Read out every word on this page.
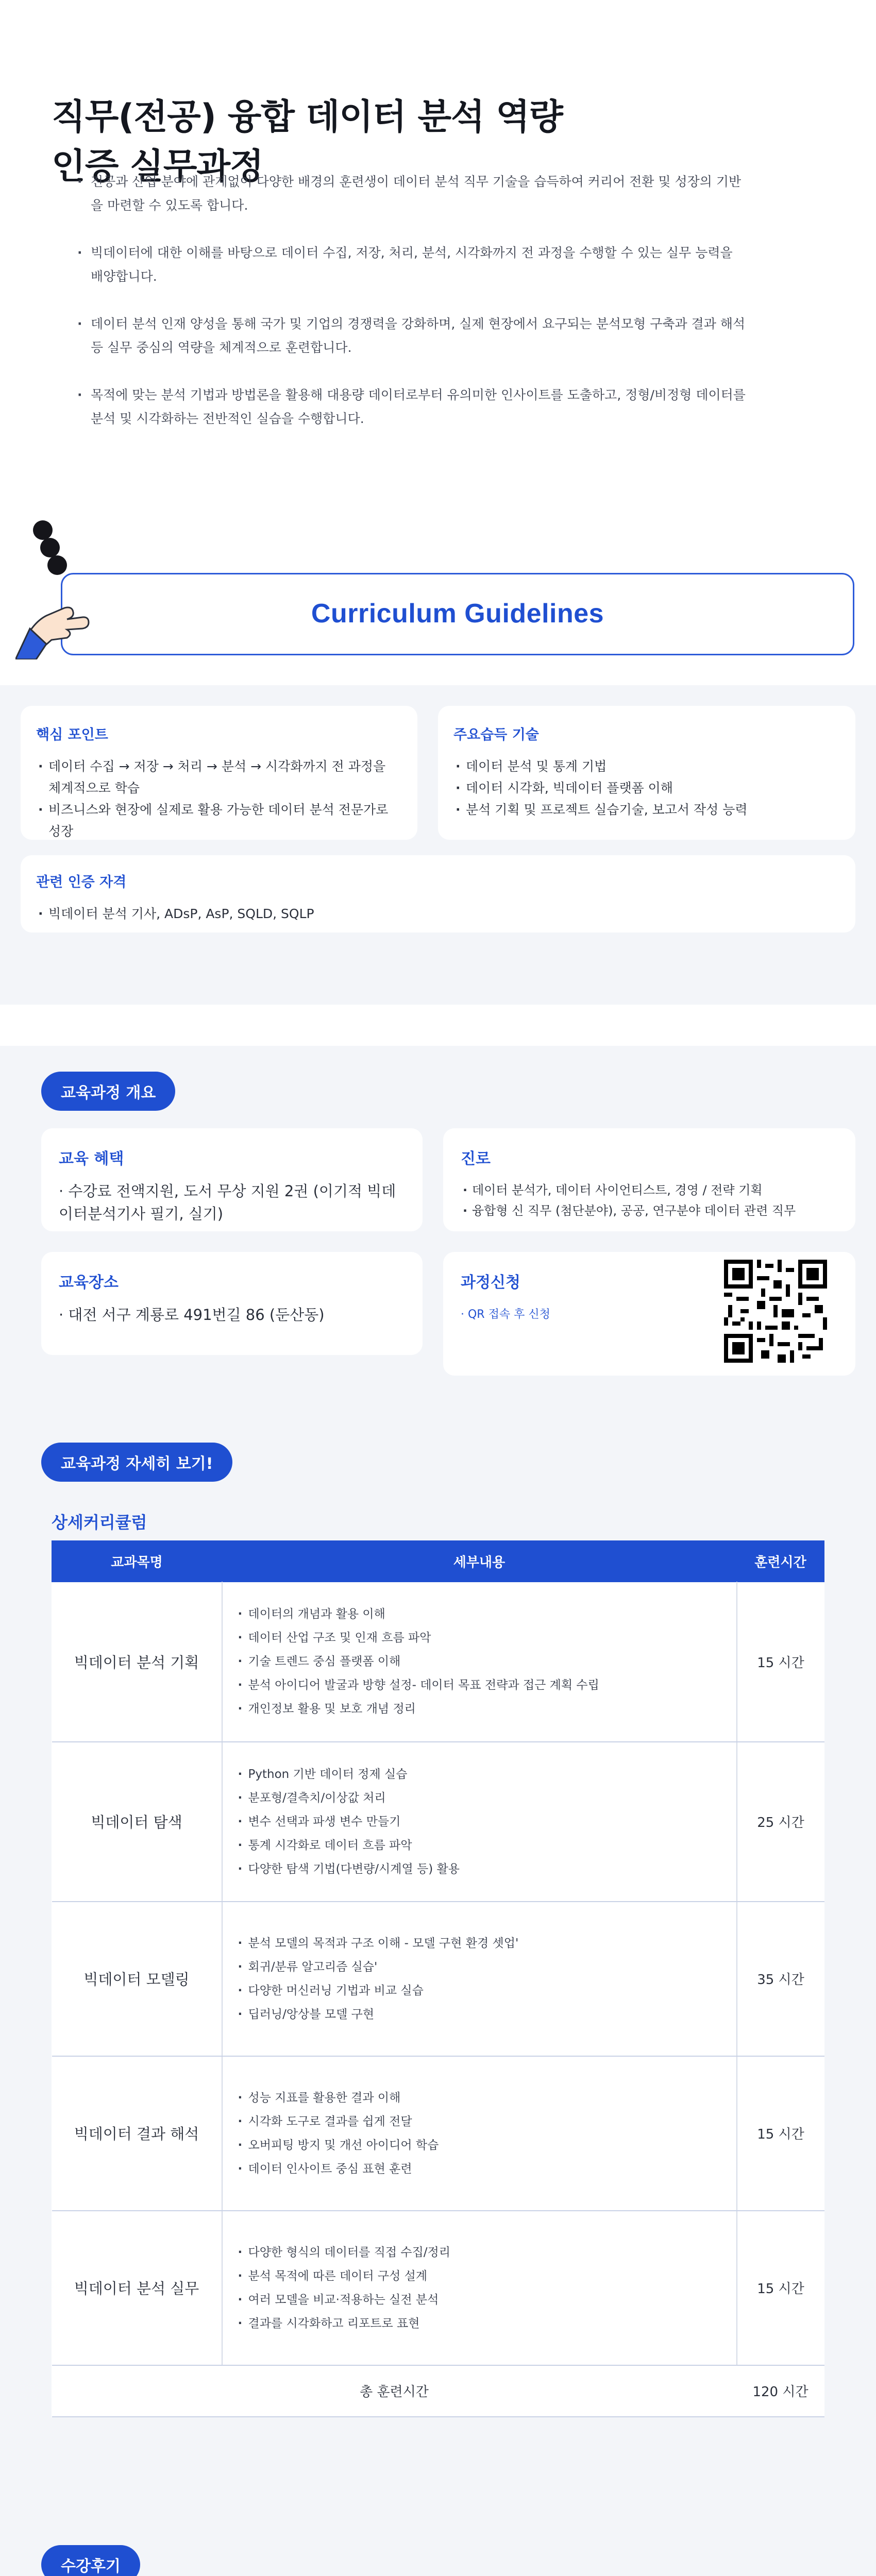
직무(전공) 융합 데이터 분석 역량
인증 실무과정
· 전공과 산업 분야에 관계없이 다양한 배경의 훈련생이 데이터 분석 직무 기술을 습득하여 커리어 전환 및 성장의 기반을 마련할 수 있도록 합니다.
· 빅데이터에 대한 이해를 바탕으로 데이터 수집, 저장, 처리, 분석, 시각화까지 전 과정을 수행할 수 있는 실무 능력을 배양합니다.
· 데이터 분석 인재 양성을 통해 국가 및 기업의 경쟁력을 강화하며, 실제 현장에서 요구되는 분석모형 구축과 결과 해석 등 실무 중심의 역량을 체계적으로 훈련합니다.
· 목적에 맞는 분석 기법과 방법론을 활용해 대용량 데이터로부터 유의미한 인사이트를 도출하고, 정형/비정형 데이터를 분석 및 시각화하는 전반적인 실습을 수행합니다.
Curriculum Guidelines
핵심 포인트
· 데이터 수집 → 저장 → 처리 → 분석 → 시각화까지 전 과정을 체계적으로 학습
· 비즈니스와 현장에 실제로 활용 가능한 데이터 분석 전문가로 성장
주요습득 기술
· 데이터 분석 및 통계 기법
· 데이터 시각화, 빅데이터 플랫폼 이해
· 분석 기획 및 프로젝트 실습기술, 보고서 작성 능력
관련 인증 자격
· 빅데이터 분석 기사, ADsP, AsP, SQLD, SQLP
교육과정 개요
교육 혜택

· 수강료 전액지원, 도서 무상 지원 2권 (이기적 빅데이터분석기사 필기, 실기)

진로
· 데이터 분석가, 데이터 사이언티스트, 경영 / 전략 기획
· 융합형 신 직무 (첨단분야), 공공, 연구분야 데이터 관련 직무
교육장소

· 대전 서구 계룡로 491번길 86 (둔산동)

과정신청

· QR 접속 후 신청

교육과정 자세히 보기!
상세커리큘럼
교과목명	세부내용	훈련시간
빅데이터 분석 기획	· 데이터의 개념과 활용 이해
· 데이터 산업 구조 및 인재 흐름 파악
· 기술 트렌드 중심 플랫폼 이해
· 분석 아이디어 발굴과 방향 설정- 데이터 목표 전략과 접근 계획 수립
· 개인정보 활용 및 보호 개념 정리	15 시간
빅데이터 탐색	· Python 기반 데이터 정제 실습
· 분포형/결측치/이상값 처리
· 변수 선택과 파생 변수 만들기
· 통계 시각화로 데이터 흐름 파악
· 다양한 탐색 기법(다변량/시계열 등) 활용	25 시간
빅데이터 모델링	· 분석 모델의 목적과 구조 이해 - 모델 구현 환경 셋업'
· 회귀/분류 알고리즘 실습'
· 다양한 머신러닝 기법과 비교 실습
· 딥러닝/앙상블 모델 구현	35 시간
빅데이터 결과 해석	· 성능 지표를 활용한 결과 이해
· 시각화 도구로 결과를 쉽게 전달
· 오버피팅 방지 및 개선 아이디어 학습
· 데이터 인사이트 중심 표현 훈련	15 시간
빅데이터 분석 실무	· 다양한 형식의 데이터를 직접 수집/정리
· 분석 목적에 따른 데이터 구성 설계
· 여러 모델을 비교·적용하는 실전 분석
· 결과를 시각화하고 리포트로 표현	15 시간
총 훈련시간		120 시간
수강후기
